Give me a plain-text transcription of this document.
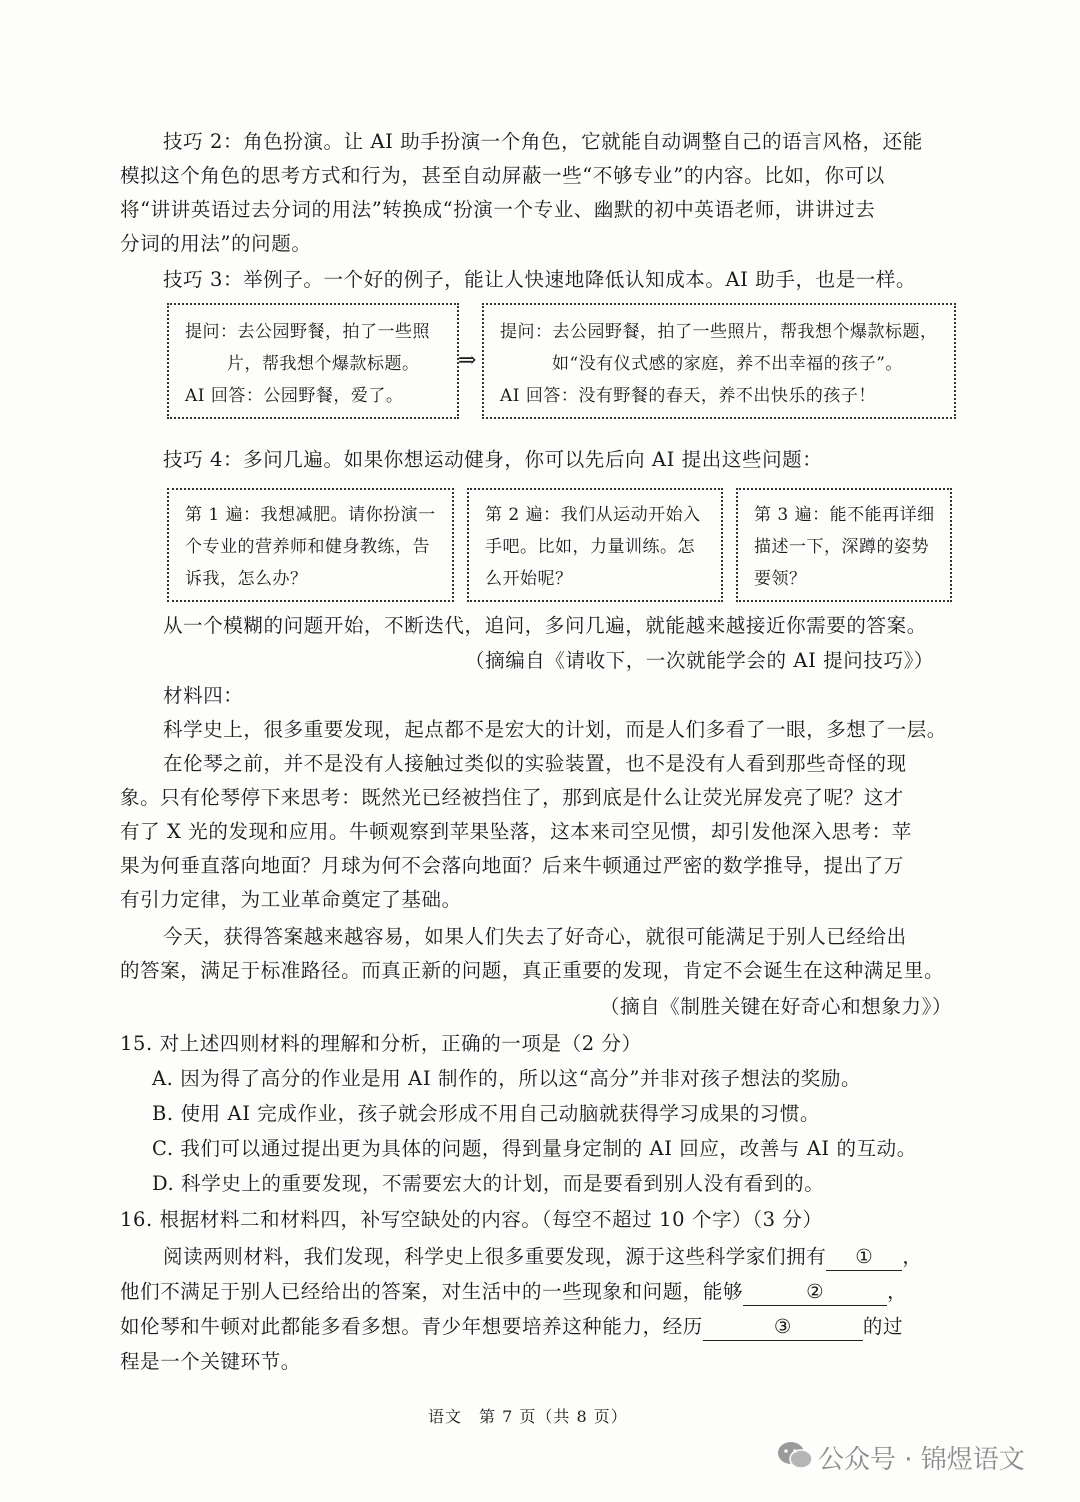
技巧 2：角色扮演。让 AI 助手扮演一个角色，它就能自动调整自己的语言风格，还能
模拟这个角色的思考方式和行为，甚至自动屏蔽一些“不够专业”的内容。比如，你可以
将“讲讲英语过去分词的用法”转换成“扮演一个专业、幽默的初中英语老师，讲讲过去
分词的用法”的问题。
技巧 3：举例子。一个好的例子，能让人快速地降低认知成本。AI 助手，也是一样。
提问：去公园野餐，拍了一些照
片，帮我想个爆款标题。
AI 回答：公园野餐，爱了。
⇒
提问：去公园野餐，拍了一些照片，帮我想个爆款标题，
如“没有仪式感的家庭，养不出幸福的孩子”。
AI 回答：没有野餐的春天，养不出快乐的孩子！
技巧 4：多问几遍。如果你想运动健身，你可以先后向 AI 提出这些问题：
第 1 遍：我想减肥。请你扮演一
个专业的营养师和健身教练，告
诉我，怎么办？
第 2 遍：我们从运动开始入
手吧。比如，力量训练。怎
么开始呢？
第 3 遍：能不能再详细
描述一下，深蹲的姿势
要领？
从一个模糊的问题开始，不断迭代，追问，多问几遍，就能越来越接近你需要的答案。
（摘编自《请收下，一次就能学会的 AI 提问技巧》）
材料四：
科学史上，很多重要发现，起点都不是宏大的计划，而是人们多看了一眼，多想了一层。
在伦琴之前，并不是没有人接触过类似的实验装置，也不是没有人看到那些奇怪的现
象。只有伦琴停下来思考：既然光已经被挡住了，那到底是什么让荧光屏发亮了呢？这才
有了 X 光的发现和应用。牛顿观察到苹果坠落，这本来司空见惯，却引发他深入思考：苹
果为何垂直落向地面？月球为何不会落向地面？后来牛顿通过严密的数学推导，提出了万
有引力定律，为工业革命奠定了基础。
今天，获得答案越来越容易，如果人们失去了好奇心，就很可能满足于别人已经给出
的答案，满足于标准路径。而真正新的问题，真正重要的发现，肯定不会诞生在这种满足里。
（摘自《制胜关键在好奇心和想象力》）
15. 对上述四则材料的理解和分析，正确的一项是（2 分）
A. 因为得了高分的作业是用 AI 制作的，所以这“高分”并非对孩子想法的奖励。
B. 使用 AI 完成作业，孩子就会形成不用自己动脑就获得学习成果的习惯。
C. 我们可以通过提出更为具体的问题，得到量身定制的 AI 回应，改善与 AI 的互动。
D. 科学史上的重要发现，不需要宏大的计划，而是要看到别人没有看到的。
16. 根据材料二和材料四，补写空缺处的内容。（每空不超过 10 个字）（3 分）
阅读两则材料，我们发现，科学史上很多重要发现，源于这些科学家们拥有 ① ，
他们不满足于别人已经给出的答案，对生活中的一些现象和问题，能够	②	，
如伦琴和牛顿对此都能多看多想。青少年想要培养这种能力，经历	③	的过
程是一个关键环节。
语文　第 7 页（共 8 页）
公众号 · 锦煜语文
